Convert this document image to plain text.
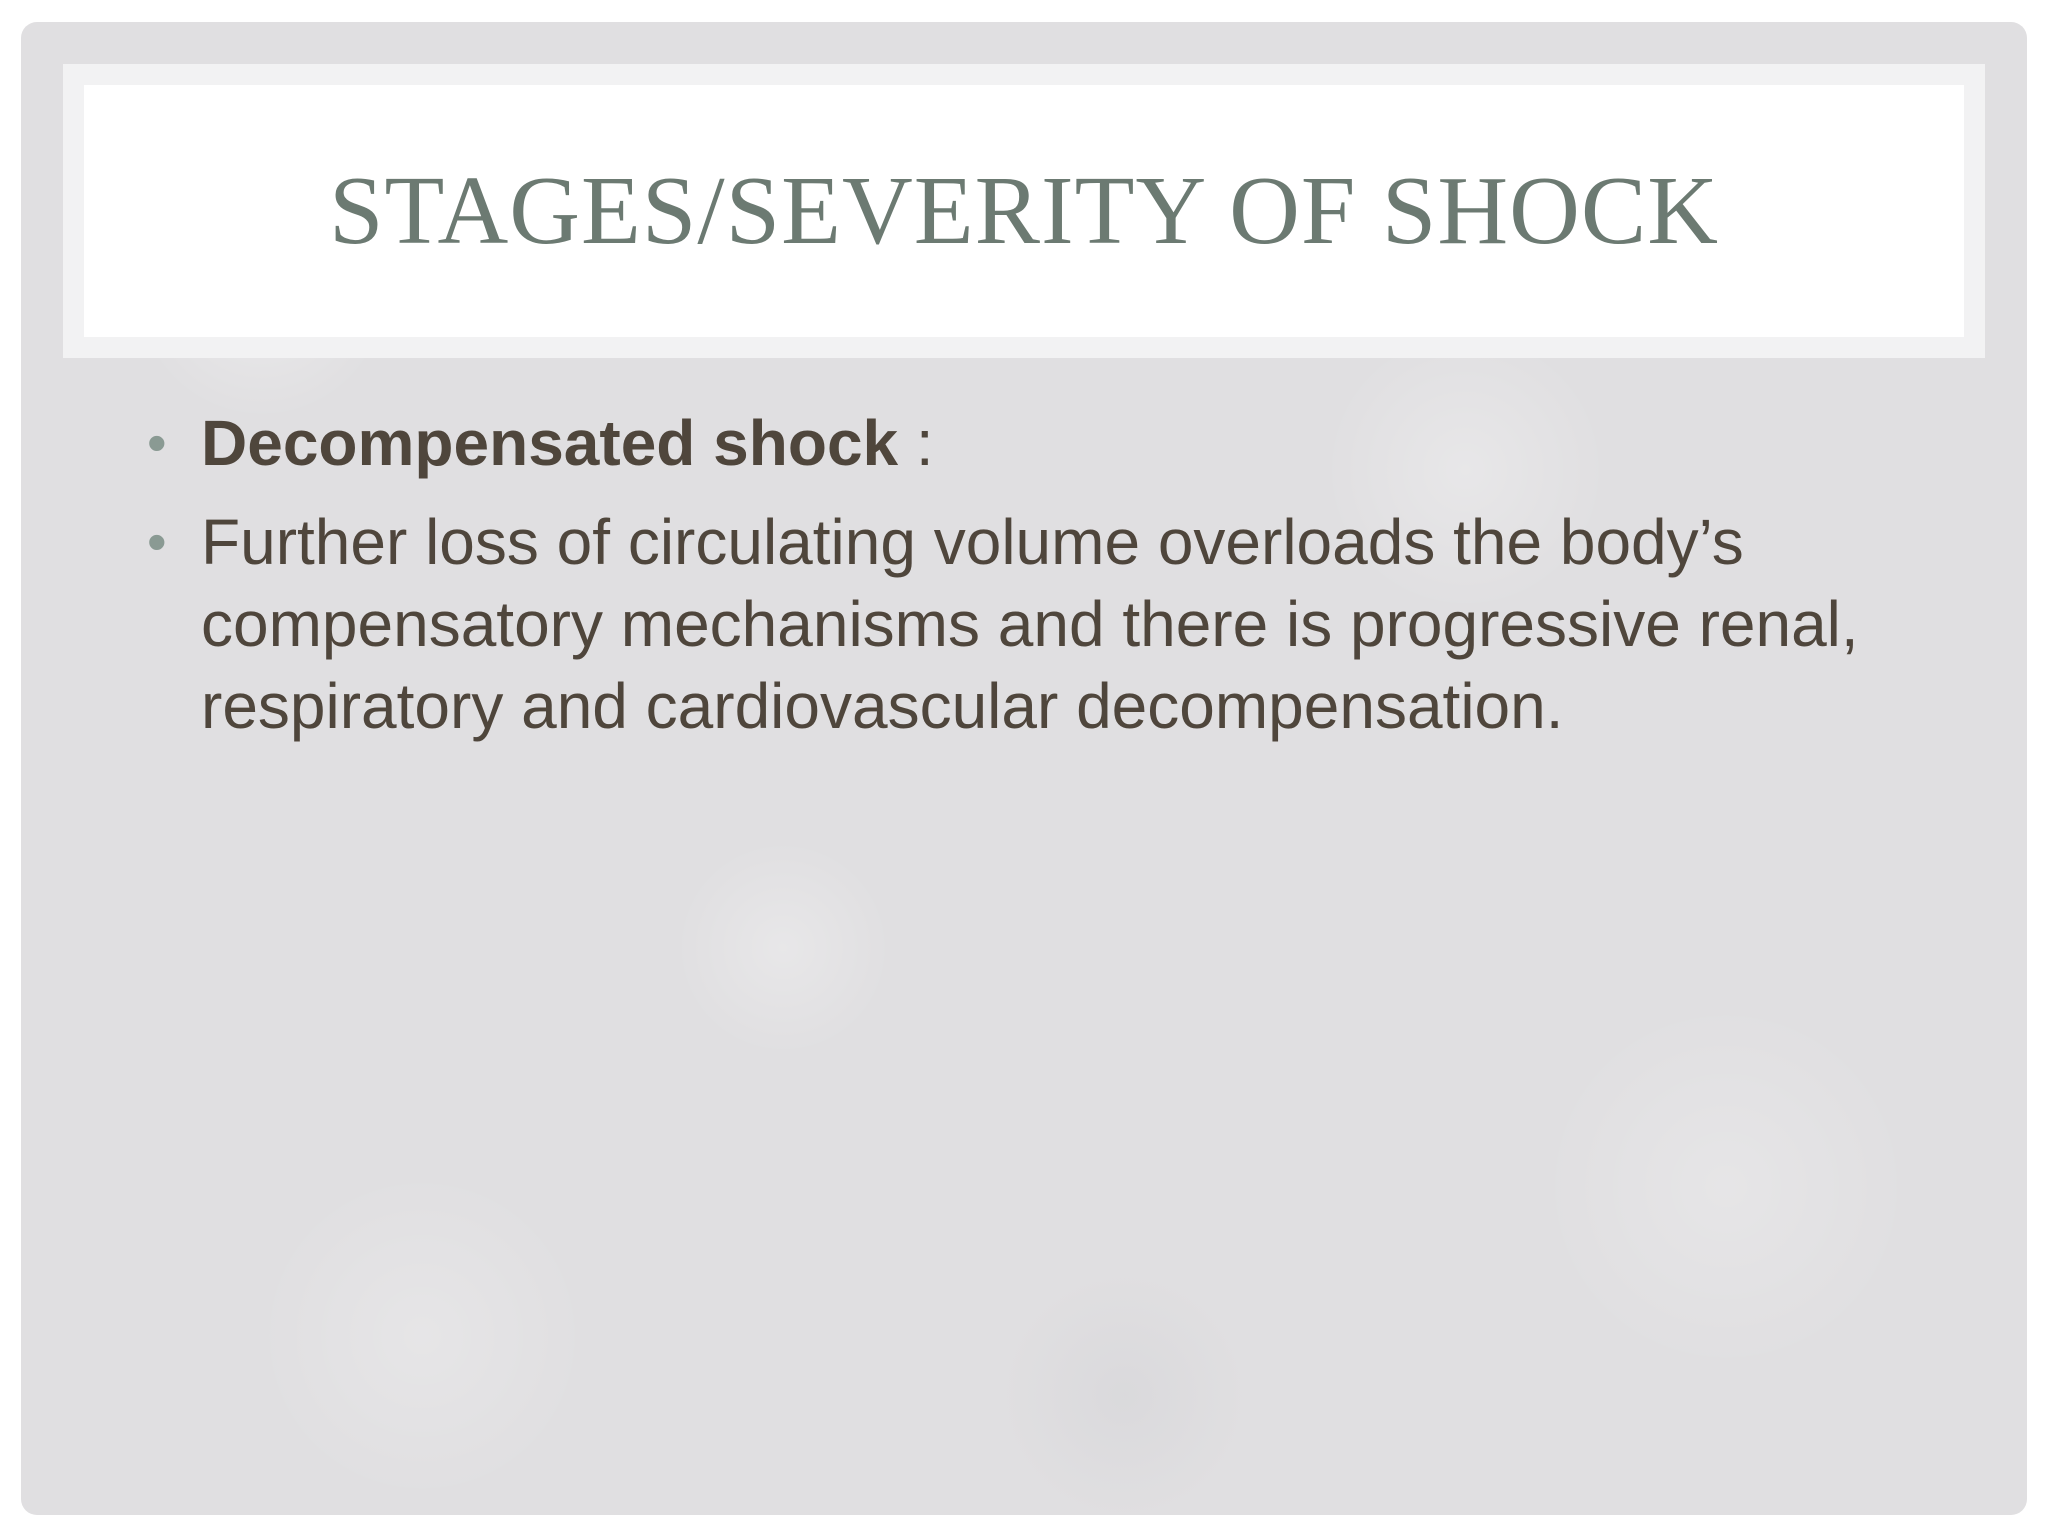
STAGES/SEVERITY OF SHOCK

• Decompensated shock :

• Further loss of circulating volume overloads the body’s compensatory mechanisms and there is progressive renal, respiratory and cardiovascular decompensation.
